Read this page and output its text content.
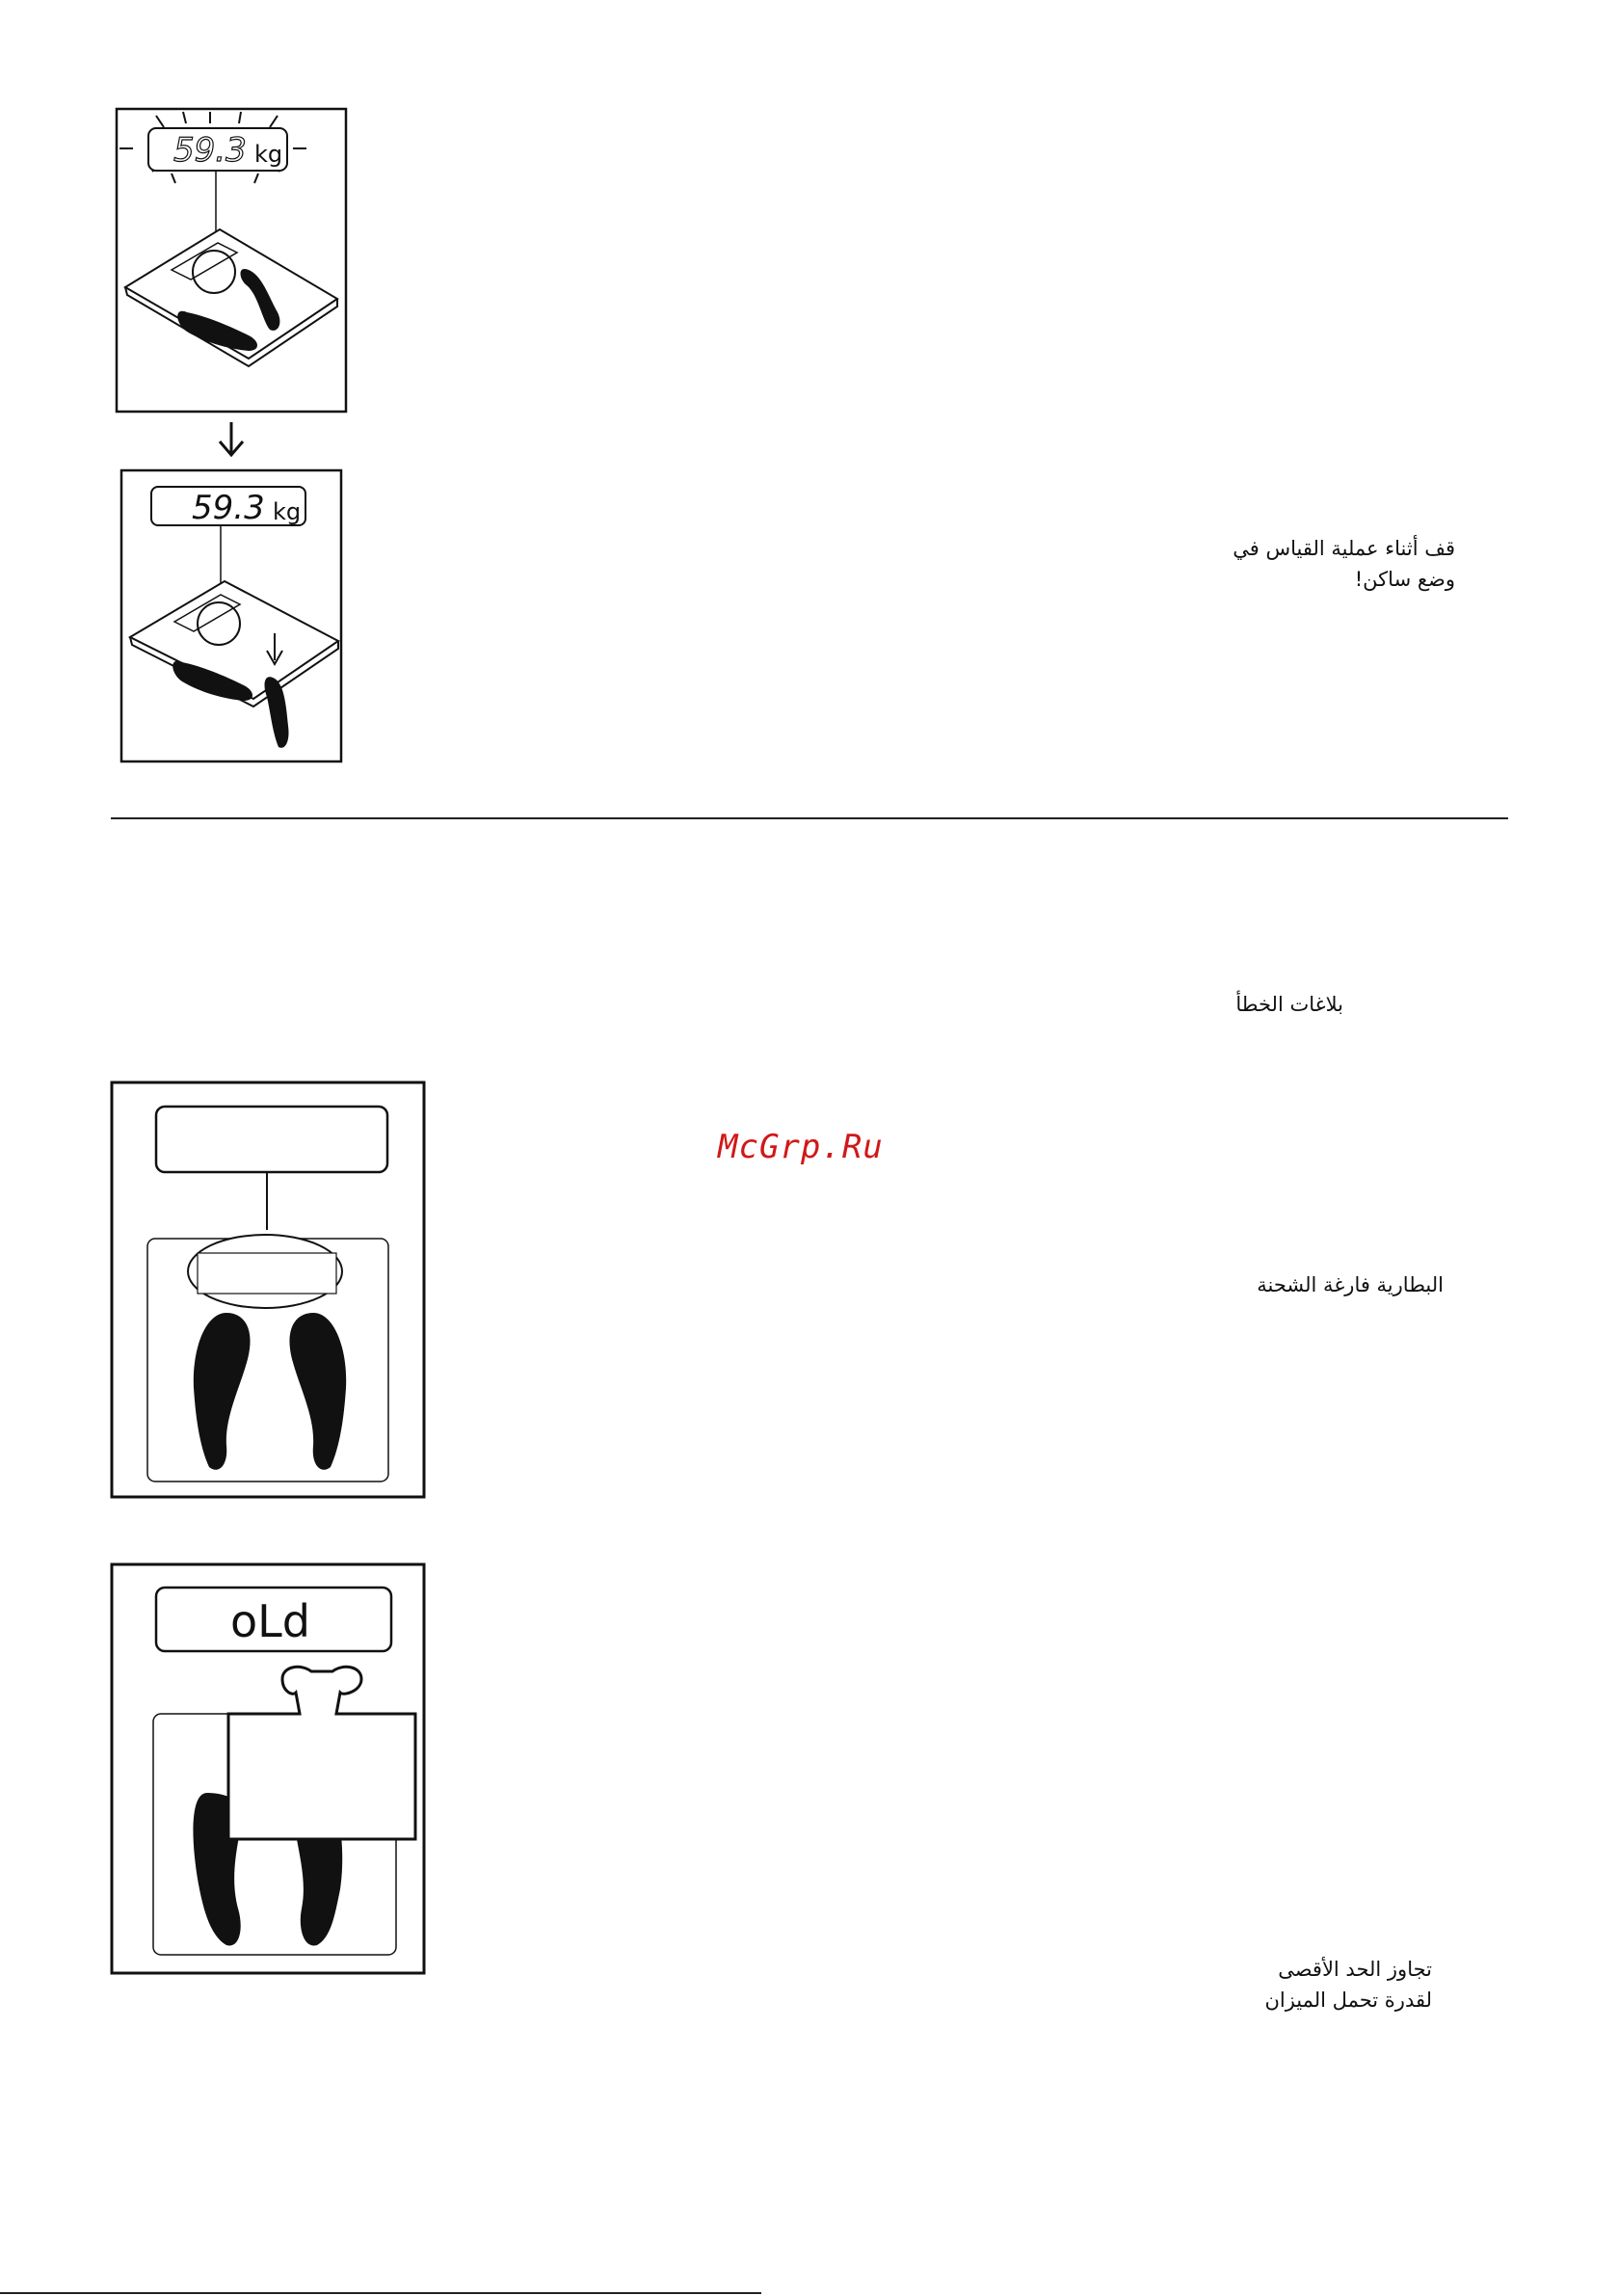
59.3 kg
59.3 kg
قف أثناء عملية القياس في
وضع ساكن!
بلاغات الخطأ
McGrp.Ru
البطارية فارغة الشحنة
oLd
تجاوز الحد الأقصى
لقدرة تحمل الميزان
